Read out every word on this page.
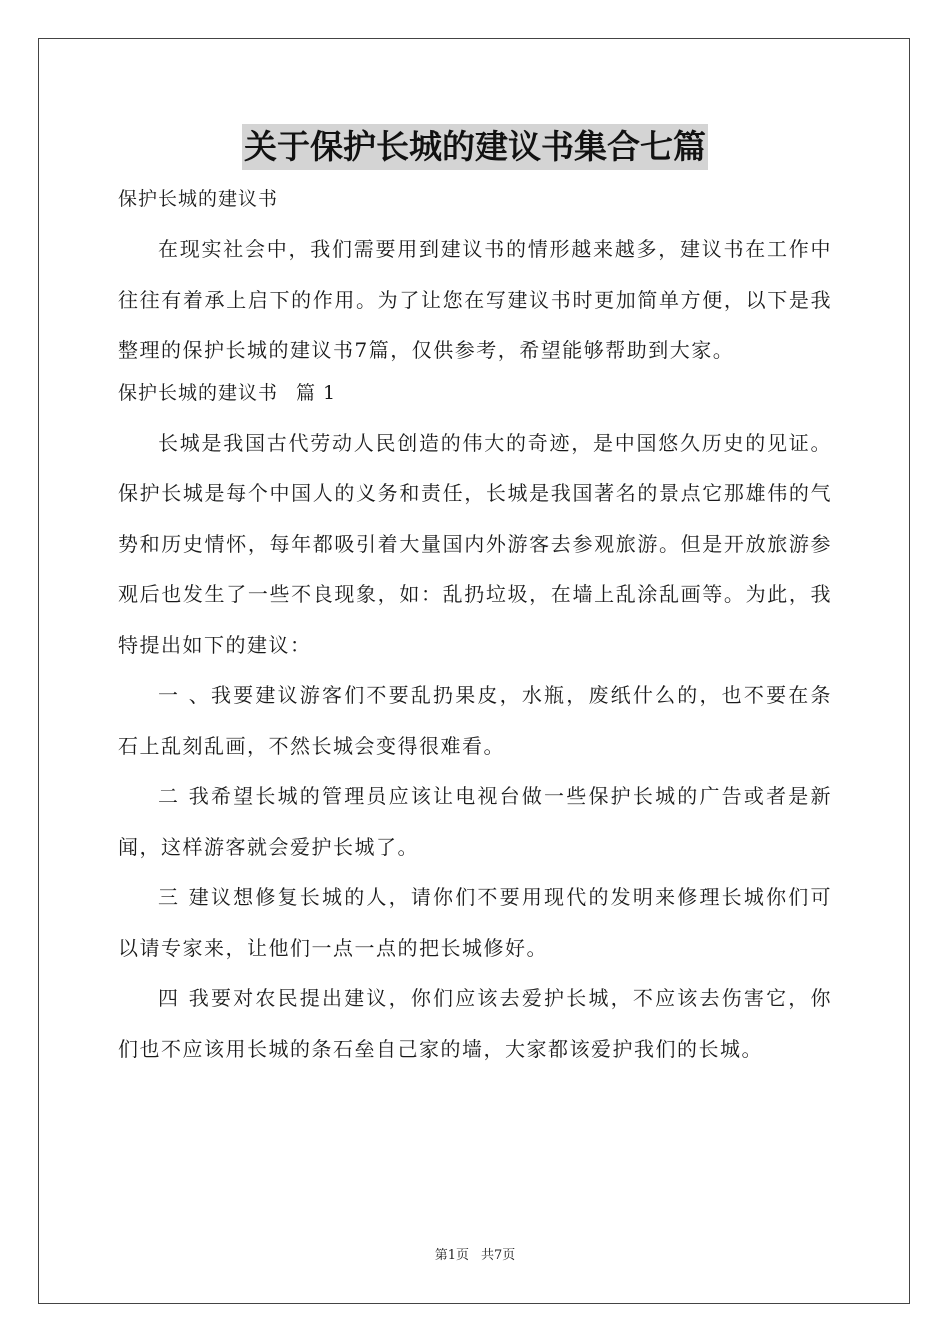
关于保护长城的建议书集合七篇
保护长城的建议书

在现实社会中，我们需要用到建议书的情形越来越多，建议书在工作中往往有着承上启下的作用。为了让您在写建议书时更加简单方便，以下是我整理的保护长城的建议书7篇，仅供参考，希望能够帮助到大家。

保护长城的建议书 篇 1

长城是我国古代劳动人民创造的伟大的奇迹，是中国悠久历史的见证。保护长城是每个中国人的义务和责任，长城是我国著名的景点它那雄伟的气势和历史情怀，每年都吸引着大量国内外游客去参观旅游。但是开放旅游参观后也发生了一些不良现象，如：乱扔垃圾，在墙上乱涂乱画等。为此，我特提出如下的建议：

一 、我要建议游客们不要乱扔果皮，水瓶，废纸什么的，也不要在条石上乱刻乱画，不然长城会变得很难看。

二 我希望长城的管理员应该让电视台做一些保护长城的广告或者是新闻，这样游客就会爱护长城了。

三 建议想修复长城的人，请你们不要用现代的发明来修理长城你们可以请专家来，让他们一点一点的把长城修好。

四 我要对农民提出建议，你们应该去爱护长城，不应该去伤害它，你们也不应该用长城的条石垒自己家的墙，大家都该爱护我们的长城。

第1页 共7页
